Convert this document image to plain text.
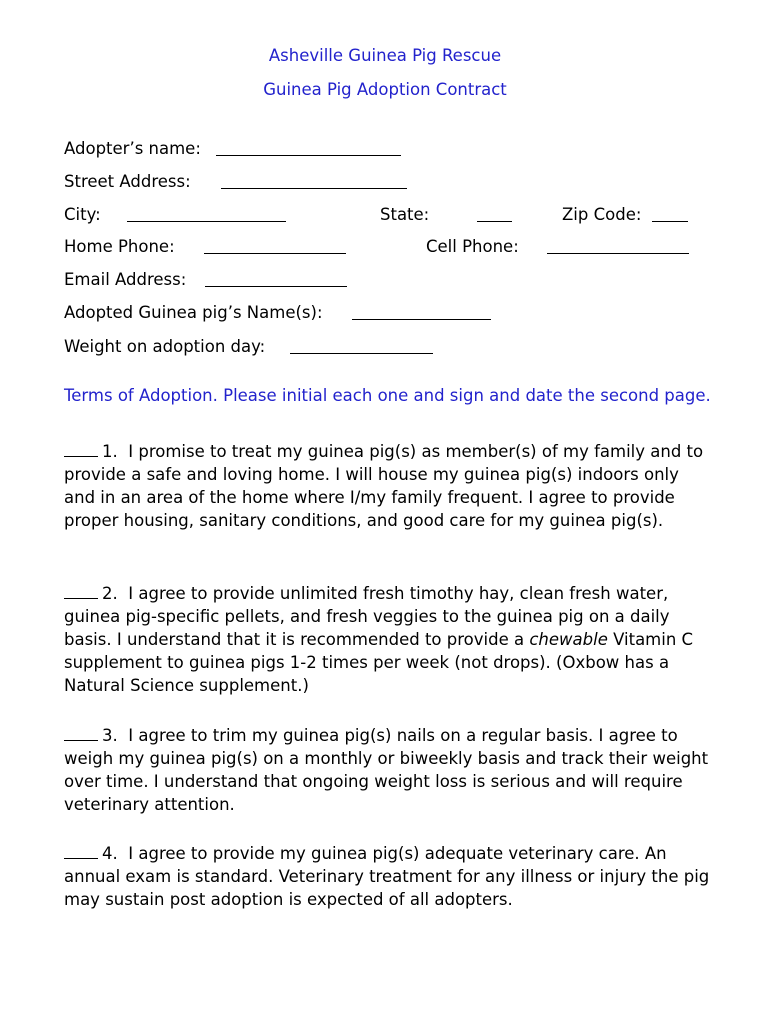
Asheville Guinea Pig Rescue
Guinea Pig Adoption Contract
Adopter’s name:
Street Address:
City:	State:	Zip Code:
Home Phone:	Cell Phone:
Email Address:
Adopted Guinea pig’s Name(s):
Weight on adoption day:
Terms of Adoption. Please initial each one and sign and date the second page.
1. I promise to treat my guinea pig(s) as member(s) of my family and to provide a safe and loving home. I will house my guinea pig(s) indoors only and in an area of the home where I/my family frequent. I agree to provide proper housing, sanitary conditions, and good care for my guinea pig(s).
2. I agree to provide unlimited fresh timothy hay, clean fresh water, guinea pig-specific pellets, and fresh veggies to the guinea pig on a daily basis. I understand that it is recommended to provide a chewable Vitamin C supplement to guinea pigs 1-2 times per week (not drops). (Oxbow has a Natural Science supplement.)
3. I agree to trim my guinea pig(s) nails on a regular basis. I agree to weigh my guinea pig(s) on a monthly or biweekly basis and track their weight over time. I understand that ongoing weight loss is serious and will require veterinary attention.
4. I agree to provide my guinea pig(s) adequate veterinary care. An annual exam is standard. Veterinary treatment for any illness or injury the pig may sustain post adoption is expected of all adopters.
